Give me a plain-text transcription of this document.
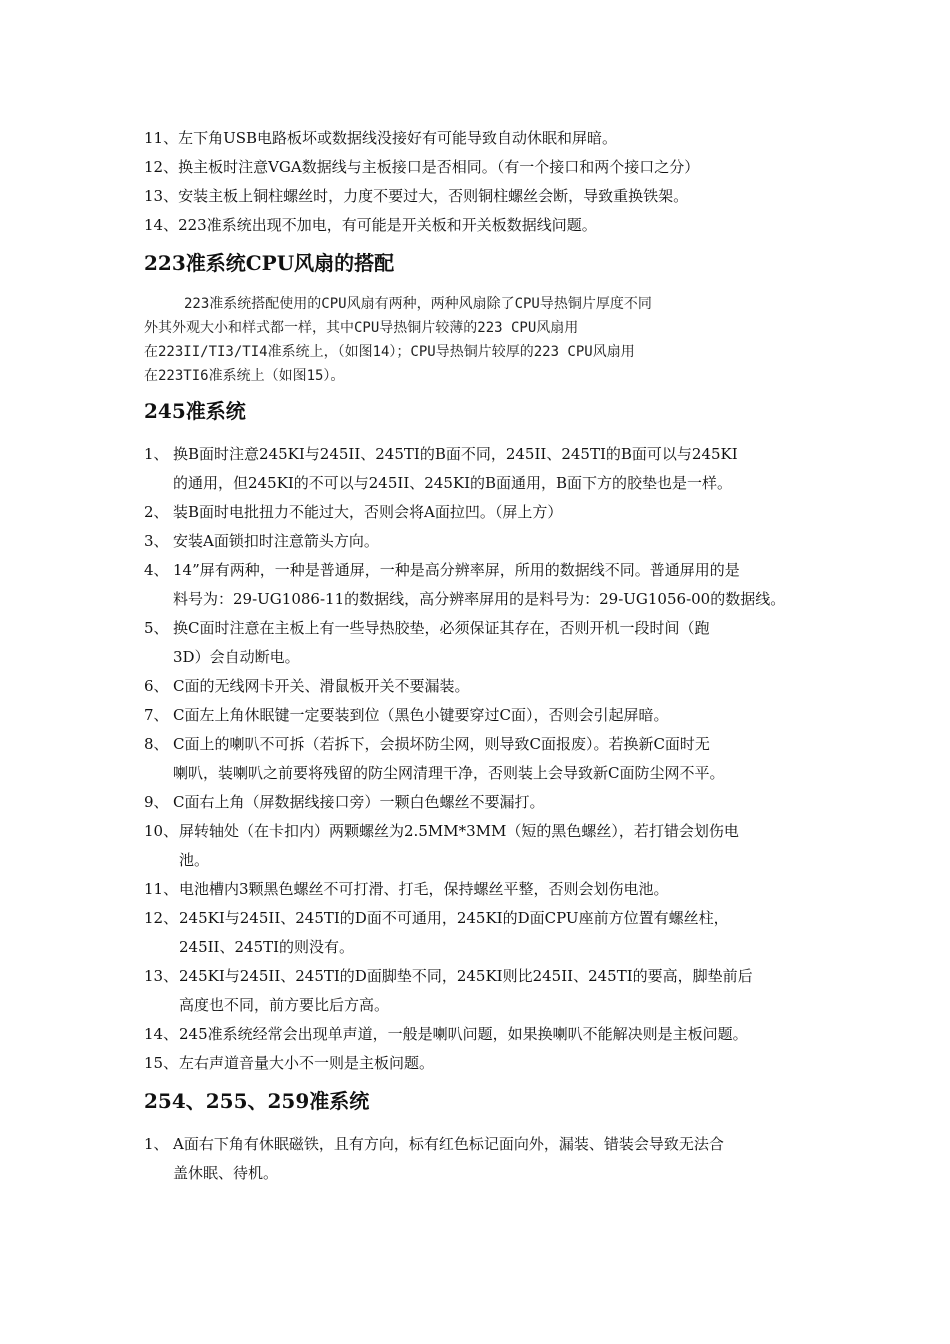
11、左下角USB电路板坏或数据线没接好有可能导致自动休眠和屏暗。
12、换主板时注意VGA数据线与主板接口是否相同。（有一个接口和两个接口之分）
13、安装主板上铜柱螺丝时，力度不要过大，否则铜柱螺丝会断，导致重换铁架。
14、223准系统出现不加电，有可能是开关板和开关板数据线问题。
223准系统CPU风扇的搭配
223准系统搭配使用的CPU风扇有两种，两种风扇除了CPU导热铜片厚度不同
外其外观大小和样式都一样，其中CPU导热铜片较薄的223 CPU风扇用
在223II/TI3/TI4准系统上，（如图14）；CPU导热铜片较厚的223 CPU风扇用
在223TI6准系统上（如图15）。
245准系统
1、 换B面时注意245KI与245II、245TI的B面不同，245II、245TI的B面可以与245KI
的通用，但245KI的不可以与245II、245KI的B面通用，B面下方的胶垫也是一样。
2、 装B面时电批扭力不能过大，否则会将A面拉凹。（屏上方）
3、 安装A面锁扣时注意箭头方向。
4、 14”屏有两种，一种是普通屏，一种是高分辨率屏，所用的数据线不同。普通屏用的是
料号为：29-UG1086-11的数据线，高分辨率屏用的是料号为：29-UG1056-00的数据线。
5、 换C面时注意在主板上有一些导热胶垫，必须保证其存在，否则开机一段时间（跑
3D）会自动断电。
6、 C面的无线网卡开关、滑鼠板开关不要漏装。
7、 C面左上角休眠键一定要装到位（黑色小键要穿过C面），否则会引起屏暗。
8、 C面上的喇叭不可拆（若拆下，会损坏防尘网，则导致C面报废）。若换新C面时无
喇叭，装喇叭之前要将残留的防尘网清理干净，否则装上会导致新C面防尘网不平。
9、 C面右上角（屏数据线接口旁）一颗白色螺丝不要漏打。
10、 屏转轴处（在卡扣内）两颗螺丝为2.5MM*3MM（短的黑色螺丝），若打错会划伤电
池。
11、 电池槽内3颗黑色螺丝不可打滑、打毛，保持螺丝平整，否则会划伤电池。
12、 245KI与245II、245TI的D面不可通用，245KI的D面CPU座前方位置有螺丝柱，
245II、245TI的则没有。
13、 245KI与245II、245TI的D面脚垫不同，245KI则比245II、245TI的要高，脚垫前后
高度也不同，前方要比后方高。
14、 245准系统经常会出现单声道，一般是喇叭问题，如果换喇叭不能解决则是主板问题。
15、 左右声道音量大小不一则是主板问题。
254、255、259准系统
1、 A面右下角有休眠磁铁，且有方向，标有红色标记面向外，漏装、错装会导致无法合
盖休眠、待机。
